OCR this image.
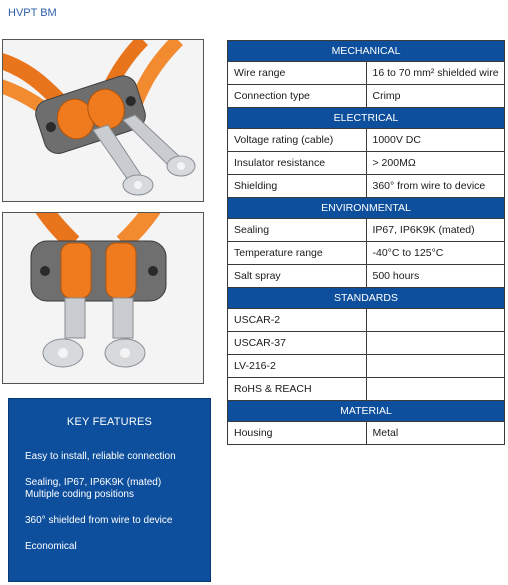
HVPT BM
KEY FEATURES
Easy to install, reliable connection
Sealing, IP67, IP6K9K (mated)
Multiple coding positions
360° shielded from wire to device
Economical
MECHANICAL	
Wire range	16 to 70 mm² shielded wire
Connection type	Crimp
ELECTRICAL	
Voltage rating (cable)	1000V DC
Insulator resistance	> 200MΩ
Shielding	360° from wire to device
ENVIRONMENTAL	
Sealing	IP67, IP6K9K (mated)
Temperature range	-40°C to 125°C
Salt spray	500 hours
STANDARDS	
USCAR-2	
USCAR-37	
LV-216-2	
RoHS & REACH	
MATERIAL	
Housing	Metal
